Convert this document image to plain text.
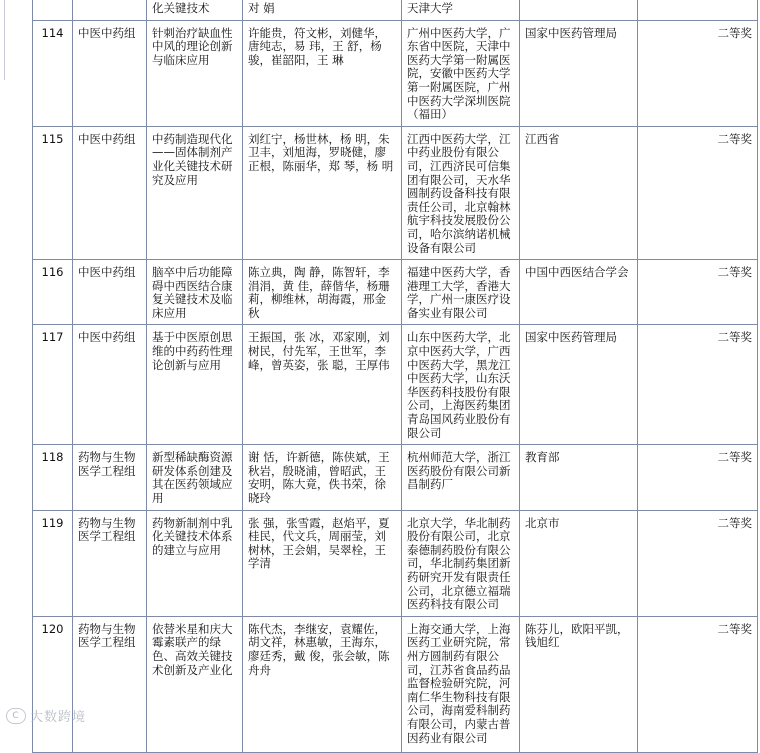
		化关键技术	对 娟	天津大学		
114	中医中药组	针刺治疗缺血性中风的理论创新与临床应用	许能贵，符文彬，刘健华，唐纯志，易 玮，王 舒，杨 骏，崔韶阳，王 琳	广州中医药大学，广东省中医院，天津中医药大学第一附属医院，安徽中医药大学第一附属医院，广州中医药大学深圳医院（福田）	国家中医药管理局	二等奖
115	中医中药组	中药制造现代化——固体制剂产业化关键技术研究及应用	刘红宁，杨世林，杨 明，朱卫丰，刘旭海，罗晓健，廖正根，陈丽华，郑 琴，杨 明	江西中医药大学，江中药业股份有限公司，江西济民可信集团有限公司，天水华圆制药设备科技有限责任公司，北京翰林航宇科技发展股份公司，哈尔滨纳诺机械设备有限公司	江西省	二等奖
116	中医中药组	脑卒中后功能障碍中西医结合康复关键技术及临床应用	陈立典，陶 静，陈智轩，李涓涓，黄 佳，薛偕华，杨珊莉，柳维林，胡海霞，邢金秋	福建中医药大学，香港理工大学，香港大学，广州一康医疗设备实业有限公司	中国中西医结合学会	二等奖
117	中医中药组	基于中医原创思维的中药药性理论创新与应用	王振国，张 冰，邓家刚，刘树民，付先军，王世军，李 峰，曾英姿，张 聪，王厚伟	山东中医药大学，北京中医药大学，广西中医药大学，黑龙江中医药大学，山东沃华医药科技股份有限公司，上海医药集团青岛国风药业股份有限公司	国家中医药管理局	二等奖
118	药物与生物医学工程组	新型稀缺酶资源研发体系创建及其在医药领域应用	谢 恬，许新德，陈侠斌，王秋岩，殷晓浦，曾昭武，王安明，陈大竟，佚书荣，徐晓玲	杭州师范大学，浙江医药股份有限公司新昌制药厂	教育部	二等奖
119	药物与生物医学工程组	药物新制剂中乳化关键技术体系的建立与应用	张 强，张雪霞，赵焰平，夏桂民，代文兵，周丽莹，刘树林，王会娟，吴翠栓，王学清	北京大学，华北制药股份有限公司，北京泰德制药股份有限公司，华北制药集团新药研究开发有限责任公司，北京德立福瑞医药科技有限公司	北京市	二等奖
120	药物与生物医学工程组	依替米星和庆大霉素联产的绿色、高效关键技术创新及产业化	陈代杰，李继安，袁耀佐，胡文祥，林惠敏，王海东，廖廷秀，戴 俊，张会敏，陈舟舟	上海交通大学，上海医药工业研究院，常州方圆制药有限公司，江苏省食品药品监督检验研究院，河南仁华生物科技有限公司，海南爱科制药有限公司，内蒙古普因药业有限公司	陈芬儿，欧阳平凯，钱旭红	二等奖
C 大数跨境
